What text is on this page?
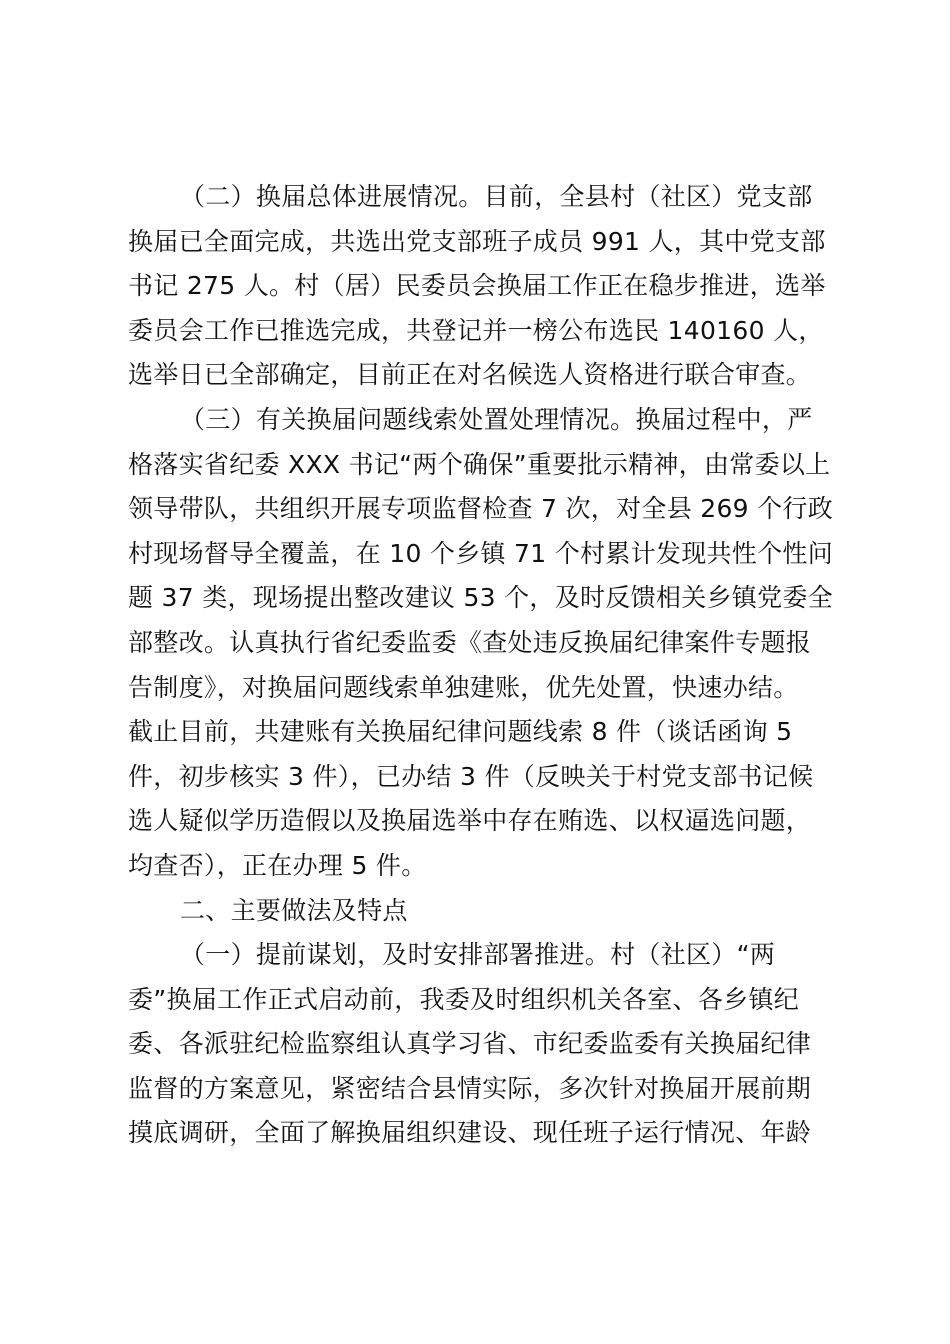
（二）换届总体进展情况。目前，全县村（社区）党支部
换届已全面完成，共选出党支部班子成员 991 人，其中党支部
书记 275 人。村（居）民委员会换届工作正在稳步推进，选举
委员会工作已推选完成，共登记并一榜公布选民 140160 人，
选举日已全部确定，目前正在对名候选人资格进行联合审查。
（三）有关换届问题线索处置处理情况。换届过程中，严
格落实省纪委 XXX 书记“两个确保”重要批示精神，由常委以上
领导带队，共组织开展专项监督检查 7 次，对全县 269 个行政
村现场督导全覆盖，在 10 个乡镇 71 个村累计发现共性个性问
题 37 类，现场提出整改建议 53 个，及时反馈相关乡镇党委全
部整改。认真执行省纪委监委《查处违反换届纪律案件专题报
告制度》，对换届问题线索单独建账，优先处置，快速办结。
截止目前，共建账有关换届纪律问题线索 8 件（谈话函询 5
件，初步核实 3 件），已办结 3 件（反映关于村党支部书记候
选人疑似学历造假以及换届选举中存在贿选、以权逼选问题，
均查否），正在办理 5 件。
二、主要做法及特点
（一）提前谋划，及时安排部署推进。村（社区）“两
委”换届工作正式启动前，我委及时组织机关各室、各乡镇纪
委、各派驻纪检监察组认真学习省、市纪委监委有关换届纪律
监督的方案意见，紧密结合县情实际，多次针对换届开展前期
摸底调研，全面了解换届组织建设、现任班子运行情况、年龄
